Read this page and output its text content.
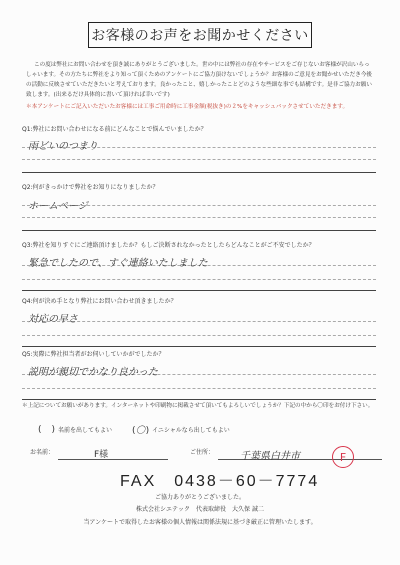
お客様のお声をお聞かせください

この度は弊社にお問い合わせを頂き誠にありがとうございました。世の中には弊社の存在やサービスをご存じないお客様が沢山いらっしゃいます。その方たちに弊社をより知って頂くためのアンケートにご協力頂けないでしょうか？お客様のご意見をお聞かせいただき今後の活動に反映させていただきたいと考えております。良かったこと、嬉しかったことどのような些細な事でも結構です。是非ご協力お願い致します。(出来るだけ具体的に書いて頂ければ幸いです)

＊本アンケートにご記入いただいたお客様には工事ご用命時に工事金額(税抜き)の２%をキャッシュバックさせていただきます。

Q1:弊社にお問い合わせになる前にどんなことで悩んでいましたか？
雨どいのつまり
Q2:何がきっかけで弊社をお知りになりましたか？
ホームページ
Q3:弊社を知りすぐにご連絡頂けましたか？もしご決断されなかったとしたらどんなことがご不安でしたか？
緊急でしたので、すぐ連絡いたしました
Q4:何が決め手となり弊社にお問い合わせ頂きましたか？
対応の早さ
Q5:実際に弊社担当者がお伺いしていかがでしたか？
説明が親切でかなり良かった
＊上記についてお願いがあります。インターネットや印刷物に掲載させて頂いてもよろしいでしょうか？下記の中から〇印をお付け下さい。
( ) 名前を出してもよい (〇) イニシャルなら出してもよい
お名前：	F様	ご住所：	千葉県白井市	F
FAX　0438－60－7774
ご協力ありがとうございました。
株式会社シエテック　代表取締役　大久保 誠二
当アンケートで取得したお客様の個人情報は関係法規に基づき厳正に管理いたします。
